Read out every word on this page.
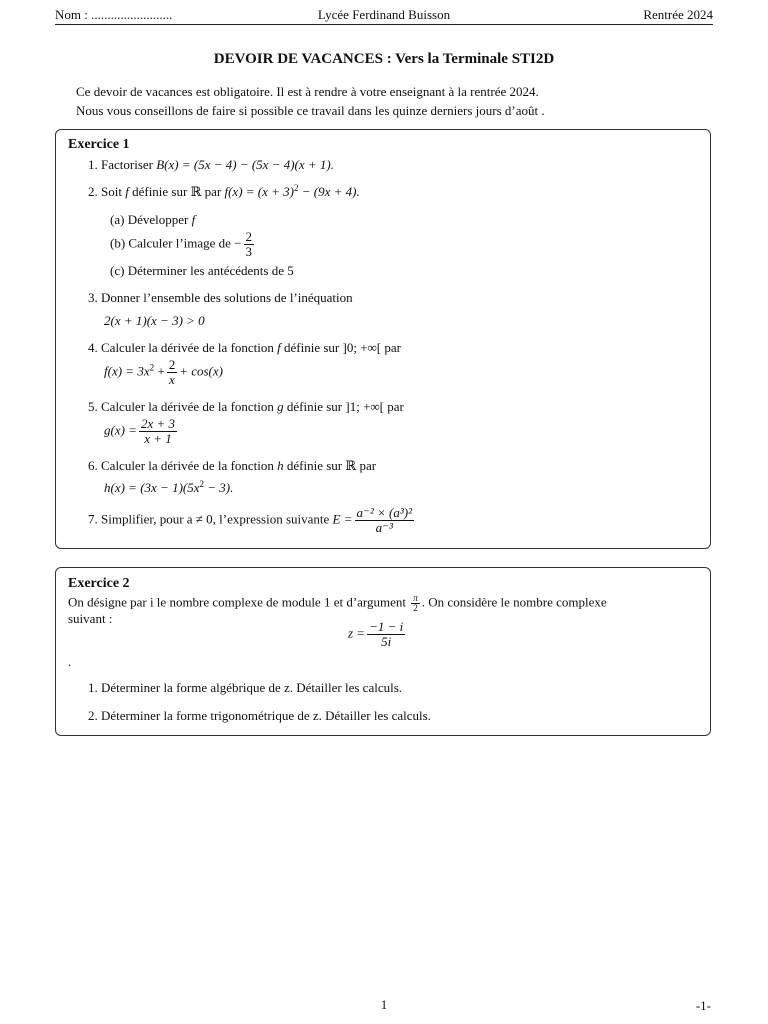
Nom : .........................	Lycée Ferdinand Buisson	Rentrée 2024
DEVOIR DE VACANCES : Vers la Terminale STI2D
Ce devoir de vacances est obligatoire. Il est à rendre à votre enseignant à la rentrée 2024.
Nous vous conseillons de faire si possible ce travail dans les quinze derniers jours d’août .
Exercice 1
1. Factoriser B(x) = (5x − 4) − (5x − 4)(x + 1).
2. Soit f définie sur ℝ par $f(x) = (x + 3)^2 - (9x + 4)$.
(a) Développer f
(b) Calculer l’image de − $\frac{2}{3}$
(c) Déterminer les antécédents de 5
3. Donner l’ensemble des solutions de l’inéquation
2(x + 1)(x − 3) > 0
4. Calculer la dérivée de la fonction f définie sur ]0; +∞[ par
$f(x) = 3x^2 + \frac{2}{x} + \cos(x)$
5. Calculer la dérivée de la fonction g définie sur ]1; +∞[ par
$g(x) = \frac{2x + 3}{x + 1}$
6. Calculer la dérivée de la fonction h définie sur ℝ par
$h(x) = (3x - 1)(5x^2 - 3)$.
7. Simplifier, pour a ≠ 0, l’expression suivante $E = \frac{\text{a⁻² × (a³)²}}{\text{a⁻³}}$
Exercice 2
On désigne par i le nombre complexe de module 1 et d’argument $\frac{\pi}{2}$ . On considère le nombre complexe
suivant :
$z = \frac{-1 - i}{5i}$
.
1. Déterminer la forme algébrique de z. Détailler les calculs.
2. Déterminer la forme trigonométrique de z. Détailler les calculs.
1	-1-
